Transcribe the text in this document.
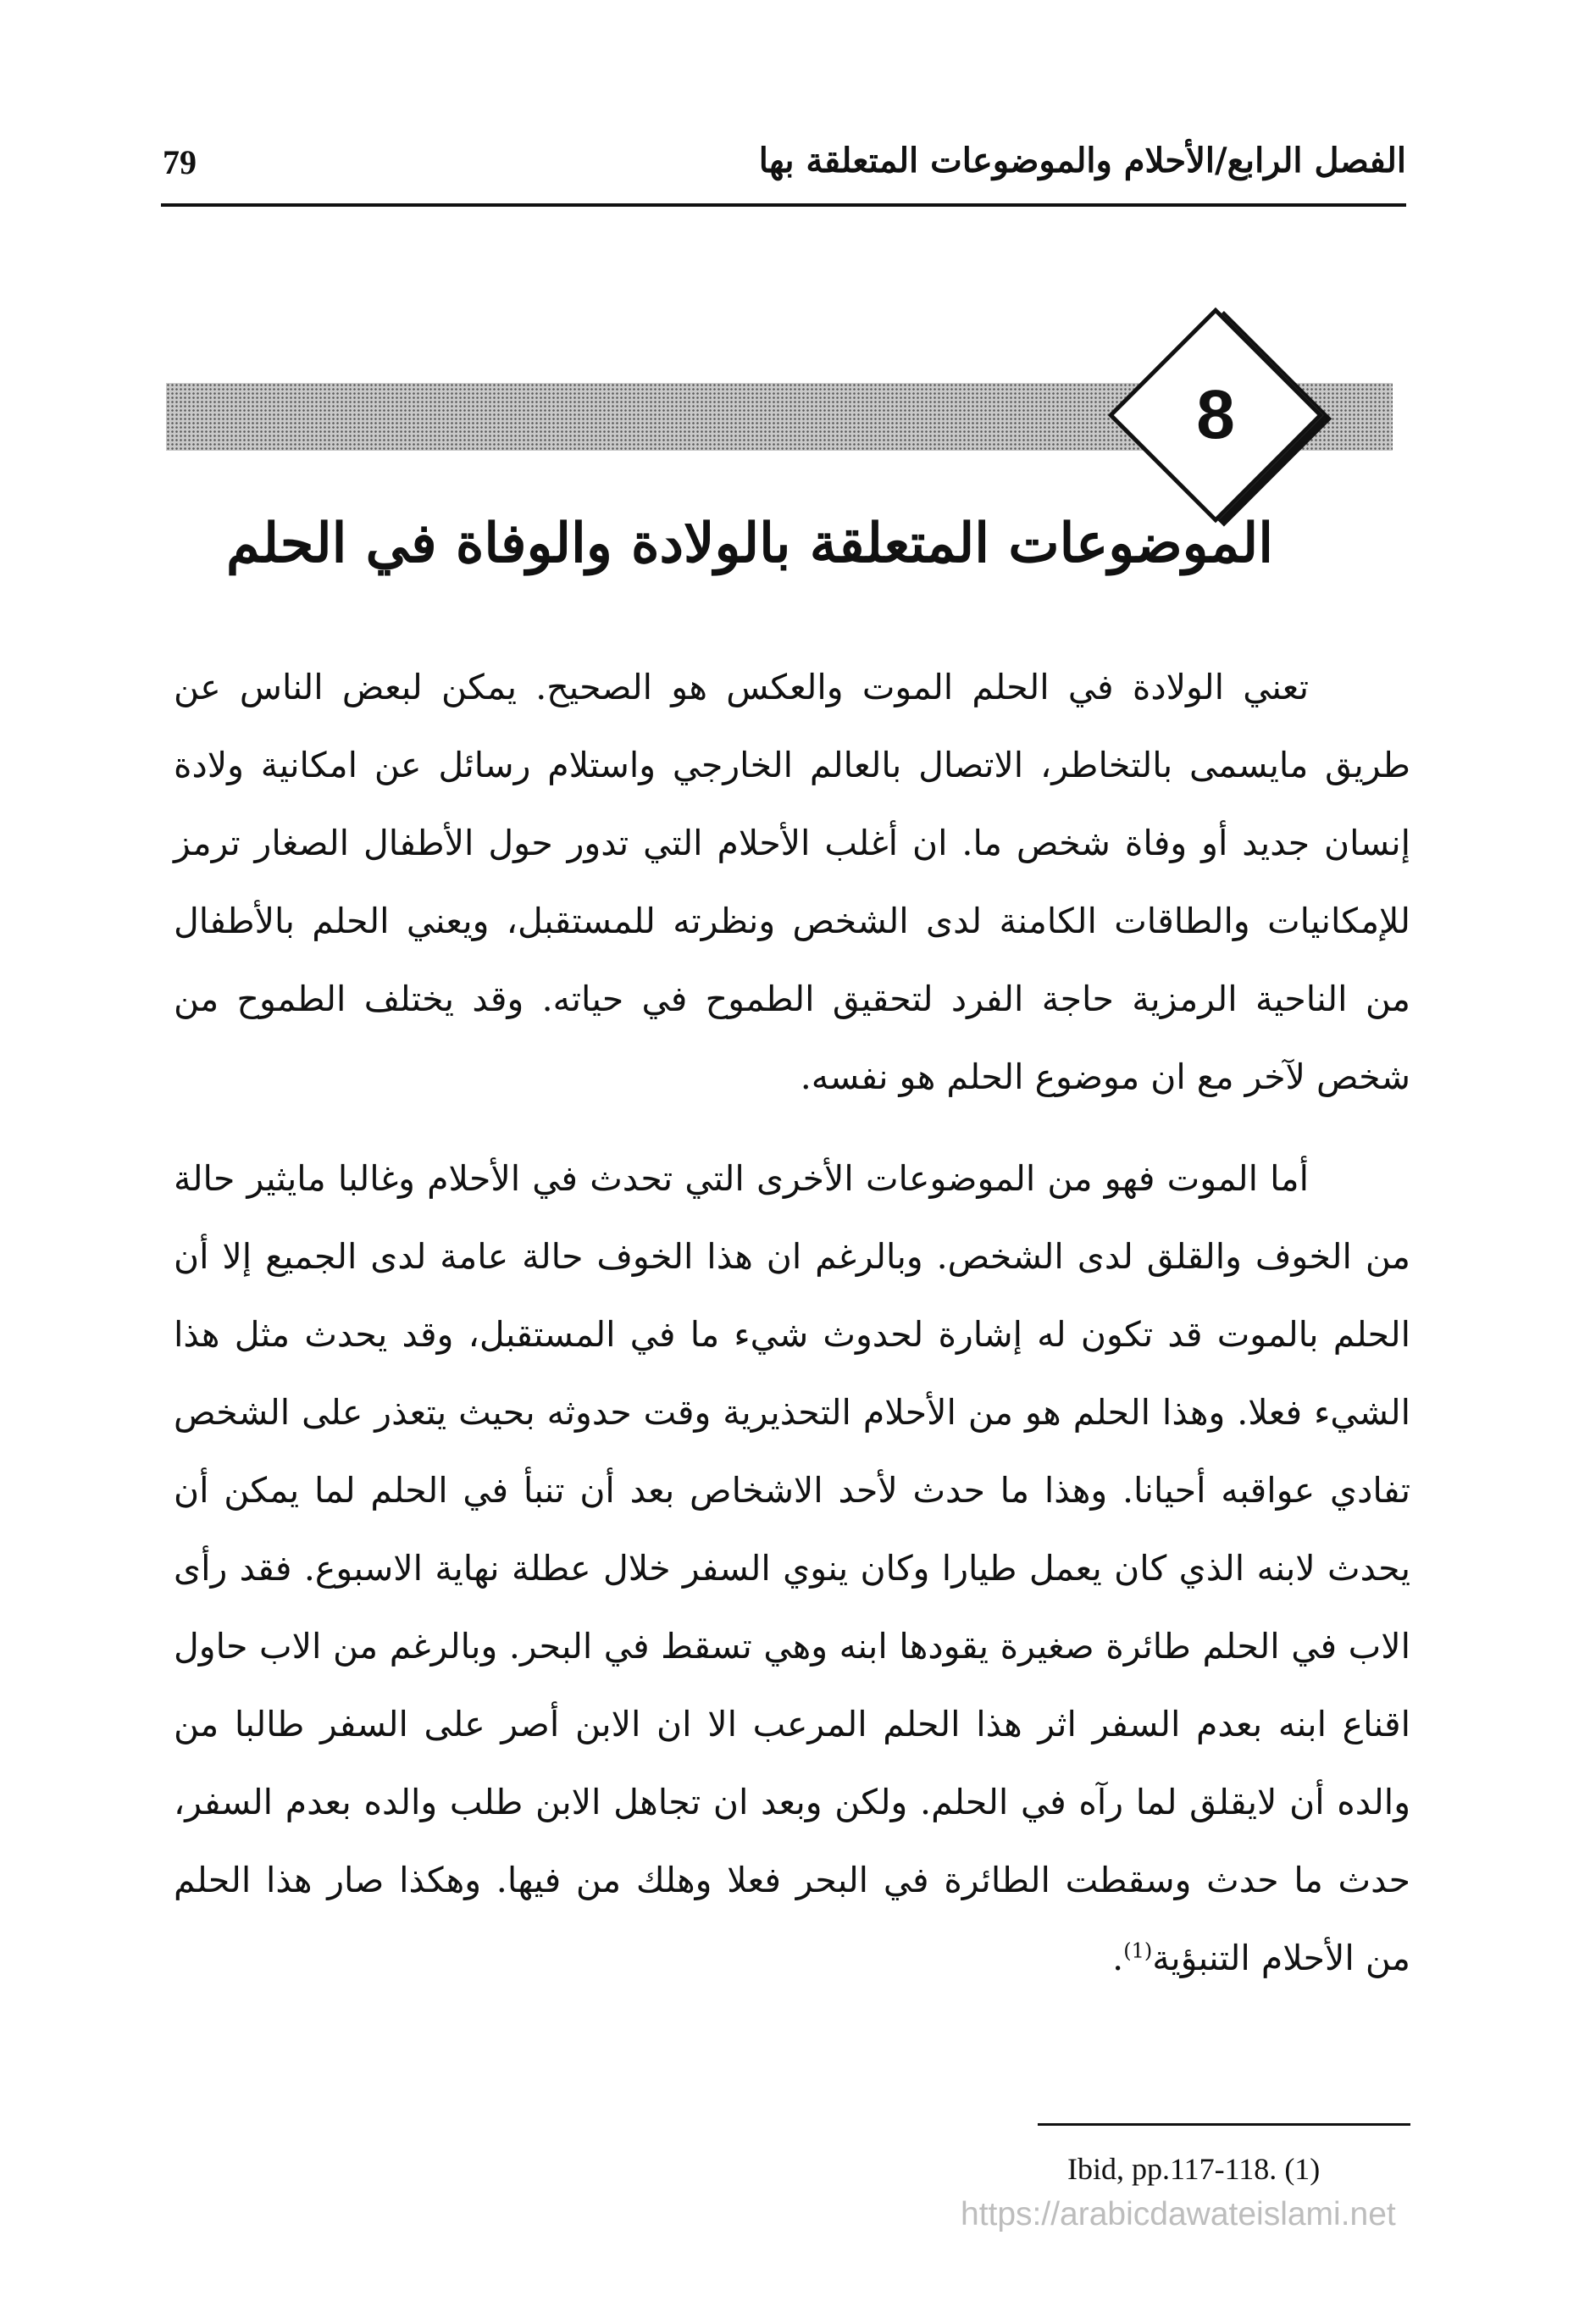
الفصل الرابع/الأحلام والموضوعات المتعلقة بها
79
8
الموضوعات المتعلقة بالولادة والوفاة في الحلم

تعني الولادة في الحلم الموت والعكس هو الصحيح. يمكن لبعض الناس عن طريق مايسمى بالتخاطر، الاتصال بالعالم الخارجي واستلام رسائل عن امكانية ولادة إنسان جديد أو وفاة شخص ما. ان أغلب الأحلام التي تدور حول الأطفال الصغار ترمز للإمكانيات والطاقات الكامنة لدى الشخص ونظرته للمستقبل، ويعني الحلم بالأطفال من الناحية الرمزية حاجة الفرد لتحقيق الطموح في حياته. وقد يختلف الطموح من شخص لآخر مع ان موضوع الحلم هو نفسه.

أما الموت فهو من الموضوعات الأخرى التي تحدث في الأحلام وغالبا مايثير حالة من الخوف والقلق لدى الشخص. وبالرغم ان هذا الخوف حالة عامة لدى الجميع إلا أن الحلم بالموت قد تكون له إشارة لحدوث شيء ما في المستقبل، وقد يحدث مثل هذا الشيء فعلا. وهذا الحلم هو من الأحلام التحذيرية وقت حدوثه بحيث يتعذر على الشخص تفادي عواقبه أحيانا. وهذا ما حدث لأحد الاشخاص بعد أن تنبأ في الحلم لما يمكن أن يحدث لابنه الذي كان يعمل طيارا وكان ينوي السفر خلال عطلة نهاية الاسبوع. فقد رأى الاب في الحلم طائرة صغيرة يقودها ابنه وهي تسقط في البحر. وبالرغم من الاب حاول اقناع ابنه بعدم السفر اثر هذا الحلم المرعب الا ان الابن أصر على السفر طالبا من والده أن لايقلق لما رآه في الحلم. ولكن وبعد ان تجاهل الابن طلب والده بعدم السفر، حدث ما حدث وسقطت الطائرة في البحر فعلا وهلك من فيها. وهكذا صار هذا الحلم من الأحلام التنبؤية$^{(1)}$.

Ibid, pp.117-118. (1)
https://arabicdawateislami.net
